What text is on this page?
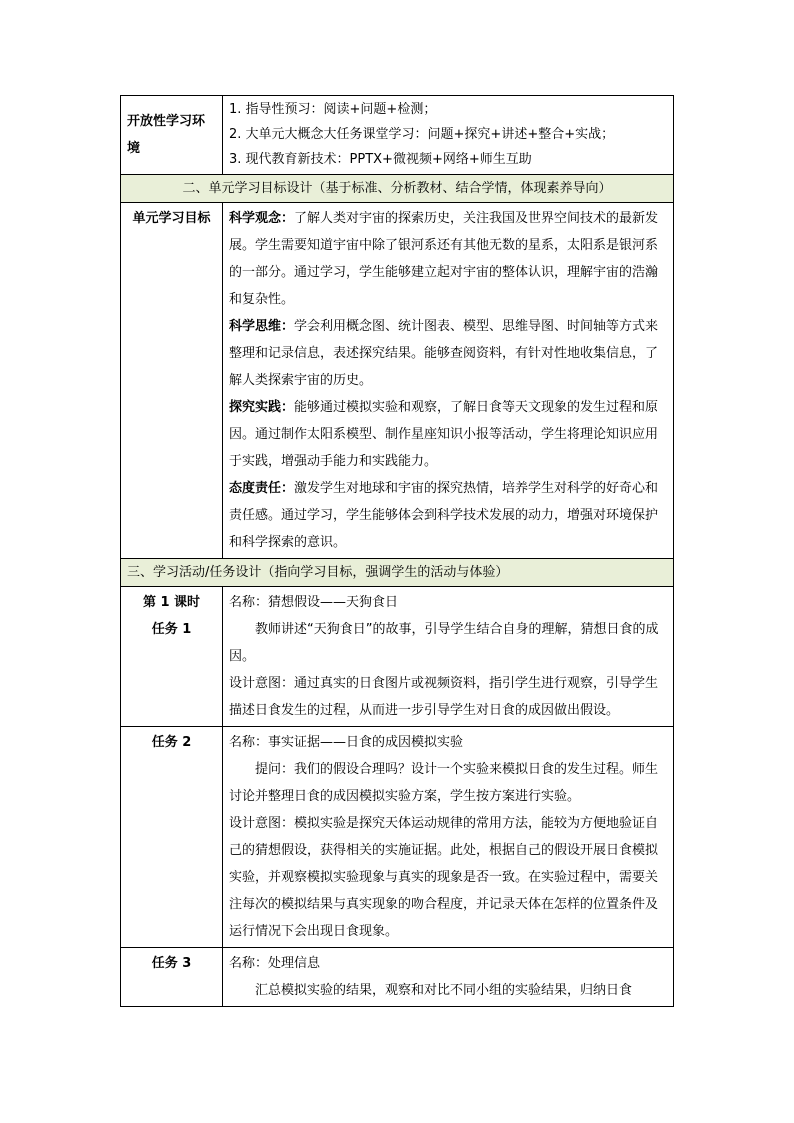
开放性学习环境	1. 指导性预习：阅读+问题+检测；
2. 大单元大概念大任务课堂学习：问题+探究+讲述+整合+实战；
3. 现代教育新技术：PPTX+微视频+网络+师生互助

二、单元学习目标设计（基于标准、分析教材、结合学情，体现素养导向）	
单元学习目标	科学观念：了解人类对宇宙的探索历史，关注我国及世界空间技术的最新发展。学生需要知道宇宙中除了银河系还有其他无数的星系，太阳系是银河系的一部分。通过学习，学生能够建立起对宇宙的整体认识，理解宇宙的浩瀚和复杂性。
科学思维：学会利用概念图、统计图表、模型、思维导图、时间轴等方式来整理和记录信息，表述探究结果。能够查阅资料，有针对性地收集信息，了解人类探索宇宙的历史。
探究实践：能够通过模拟实验和观察，了解日食等天文现象的发生过程和原因。通过制作太阳系模型、制作星座知识小报等活动，学生将理论知识应用于实践，增强动手能力和实践能力。
态度责任：激发学生对地球和宇宙的探究热情，培养学生对科学的好奇心和责任感。通过学习，学生能够体会到科学技术发展的动力，增强对环境保护和科学探索的意识。

三、学习活动/任务设计（指向学习目标，强调学生的活动与体验）	

第 1 课时
任务 1	名称：猜想假设——天狗食日
教师讲述“天狗食日”的故事，引导学生结合自身的理解，猜想日食的成因。
设计意图：通过真实的日食图片或视频资料，指引学生进行观察，引导学生描述日食发生的过程，从而进一步引导学生对日食的成因做出假设。

任务 2	名称：事实证据——日食的成因模拟实验
提问：我们的假设合理吗？设计一个实验来模拟日食的发生过程。师生讨论并整理日食的成因模拟实验方案，学生按方案进行实验。
设计意图：模拟实验是探究天体运动规律的常用方法，能较为方便地验证自己的猜想假设，获得相关的实施证据。此处，根据自己的假设开展日食模拟实验，并观察模拟实验现象与真实的现象是否一致。在实验过程中，需要关注每次的模拟结果与真实现象的吻合程度，并记录天体在怎样的位置条件及运行情况下会出现日食现象。

任务 3	名称：处理信息
汇总模拟实验的结果，观察和对比不同小组的实验结果，归纳日食
